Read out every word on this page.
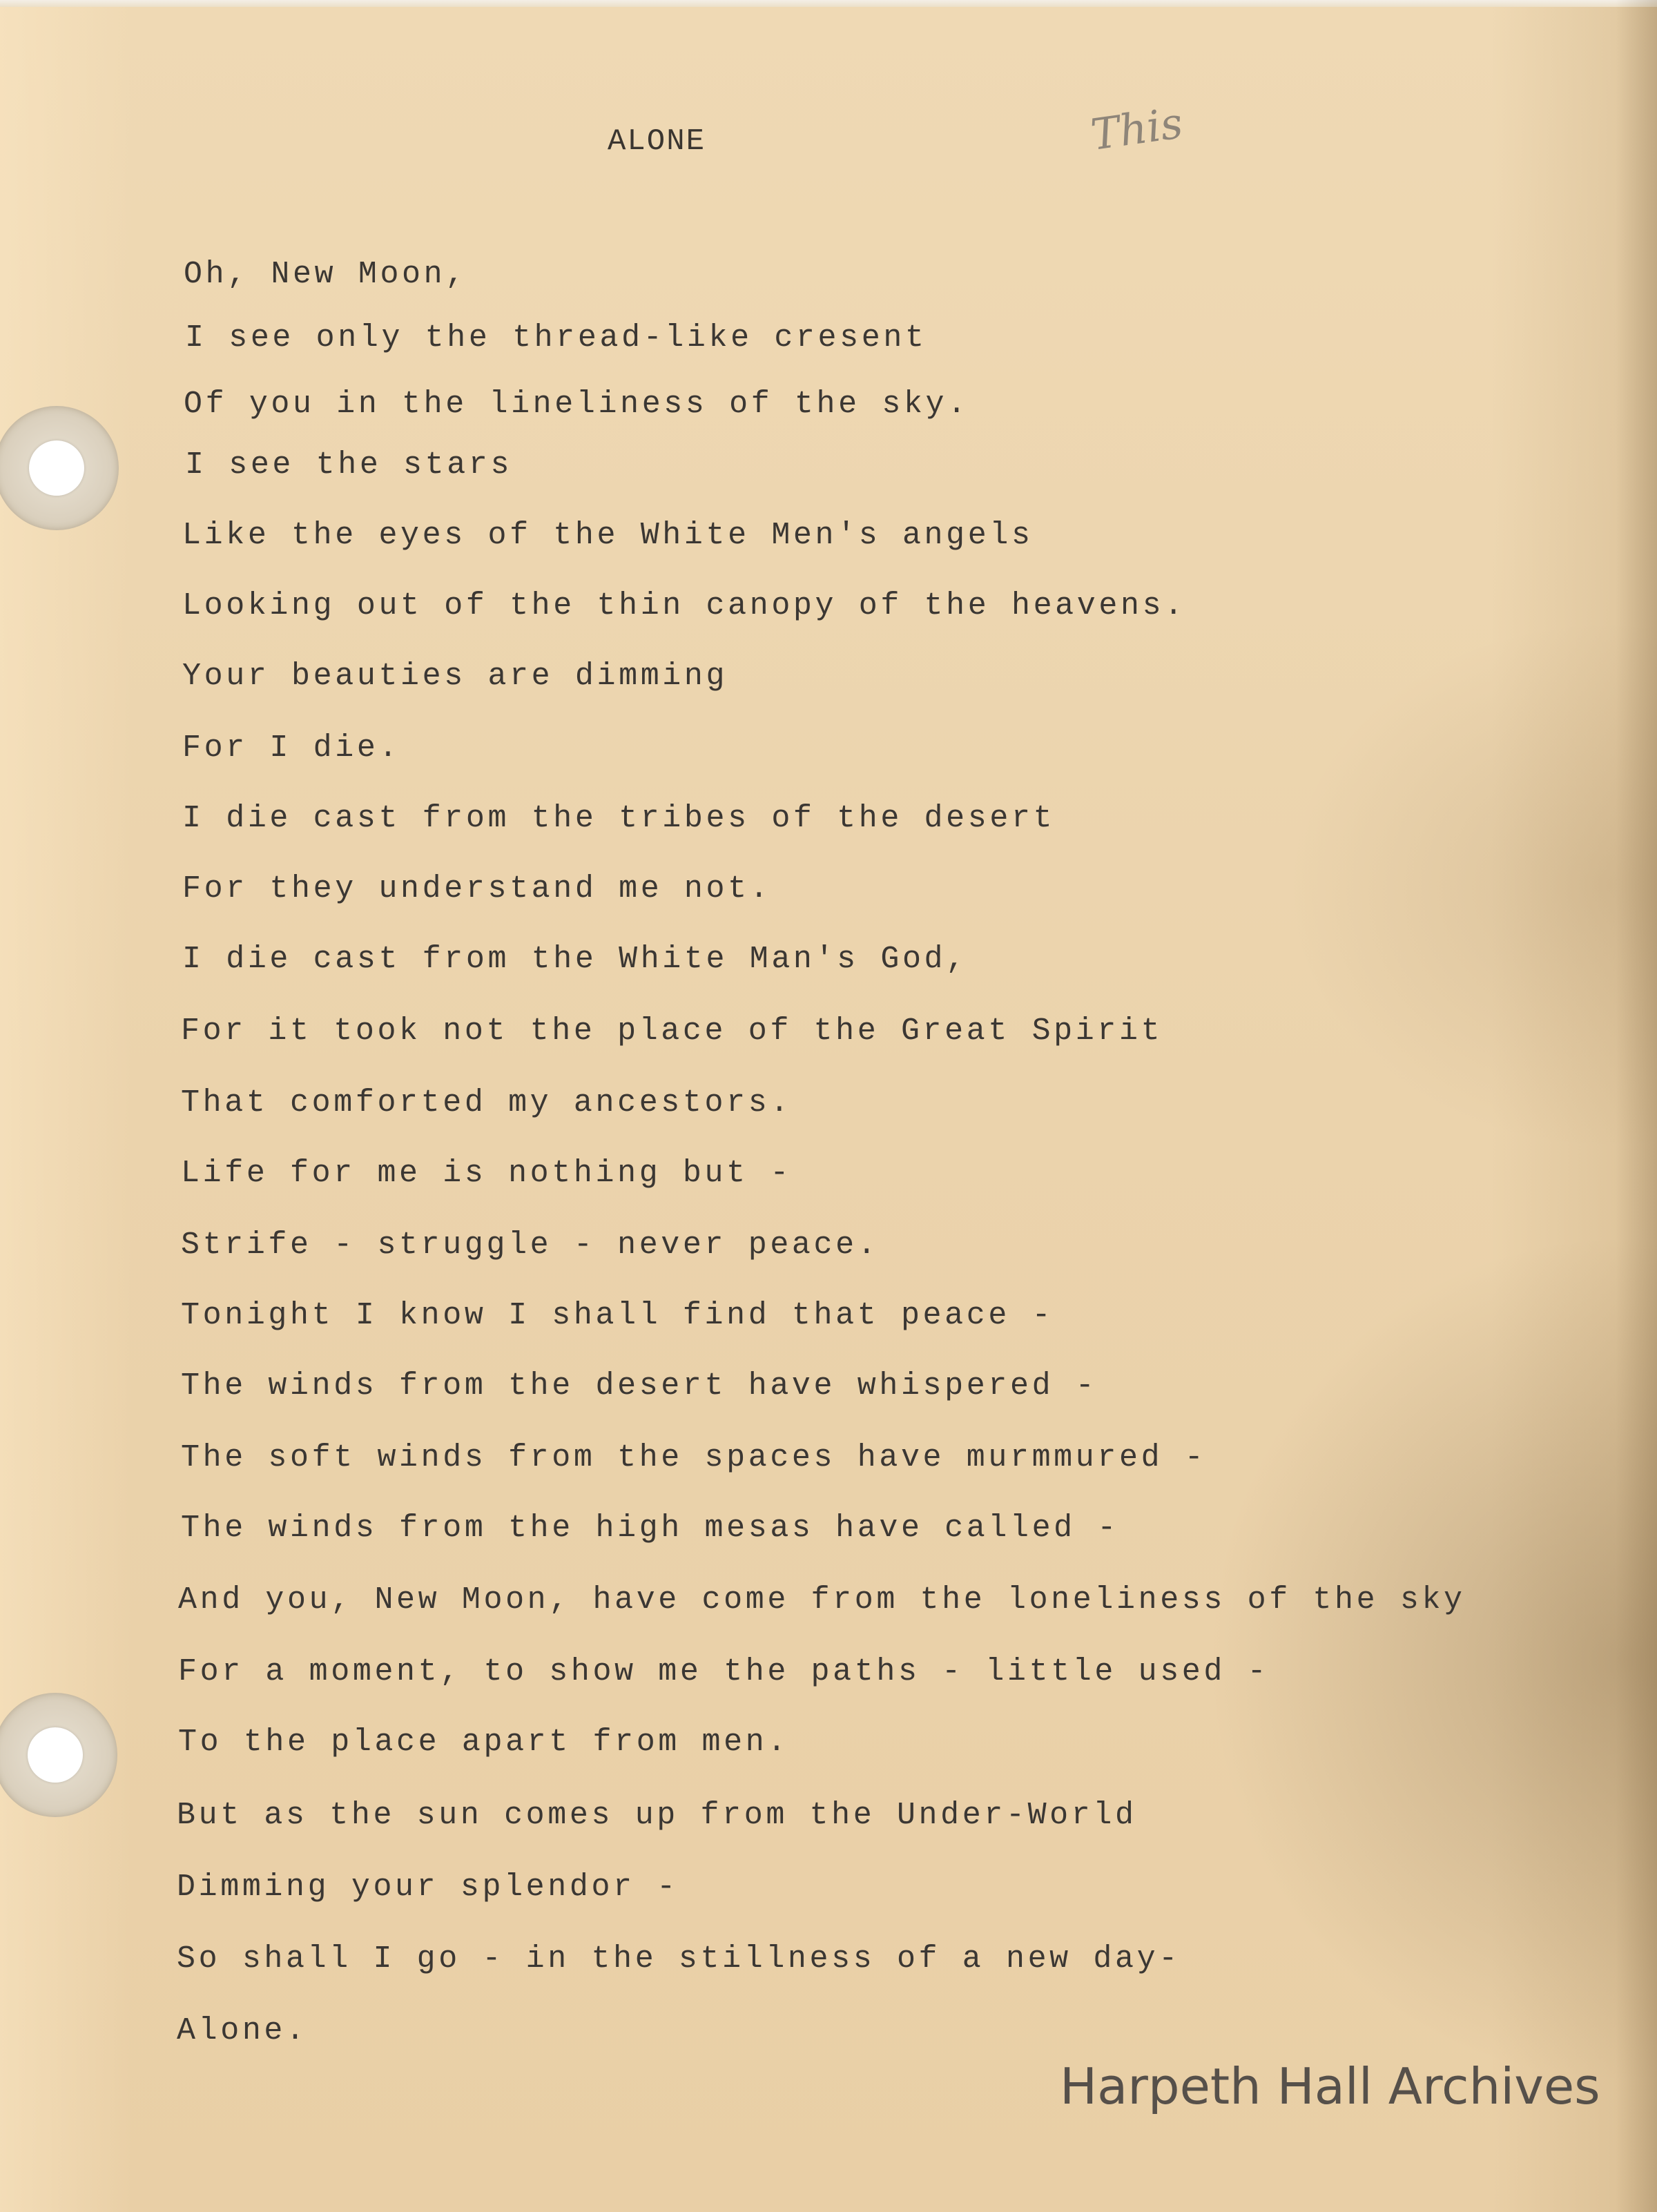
ALONE	This
Oh, New Moon,
I see only the thread-like cresent
Of you in the lineliness of the sky.
I see the stars
Like the eyes of the White Men's angels
Looking out of the thin canopy of the heavens.
Your beauties are dimming
For I die.
I die cast from the tribes of the desert
For they understand me not.
I die cast from the White Man's God,
For it took not the place of the Great Spirit
That comforted my ancestors.
Life for me is nothing but -
Strife - struggle - never peace.
Tonight I know I shall find that peace -
The winds from the desert have whispered -
The soft winds from the spaces have murmmured -
The winds from the high mesas have called -
And you, New Moon, have come from the loneliness of the sky
For a moment, to show me the paths - little used -
To the place apart from men.
But as the sun comes up from the Under-World
Dimming your splendor -
So shall I go - in the stillness of a new day-
Alone.
Harpeth Hall Archives
